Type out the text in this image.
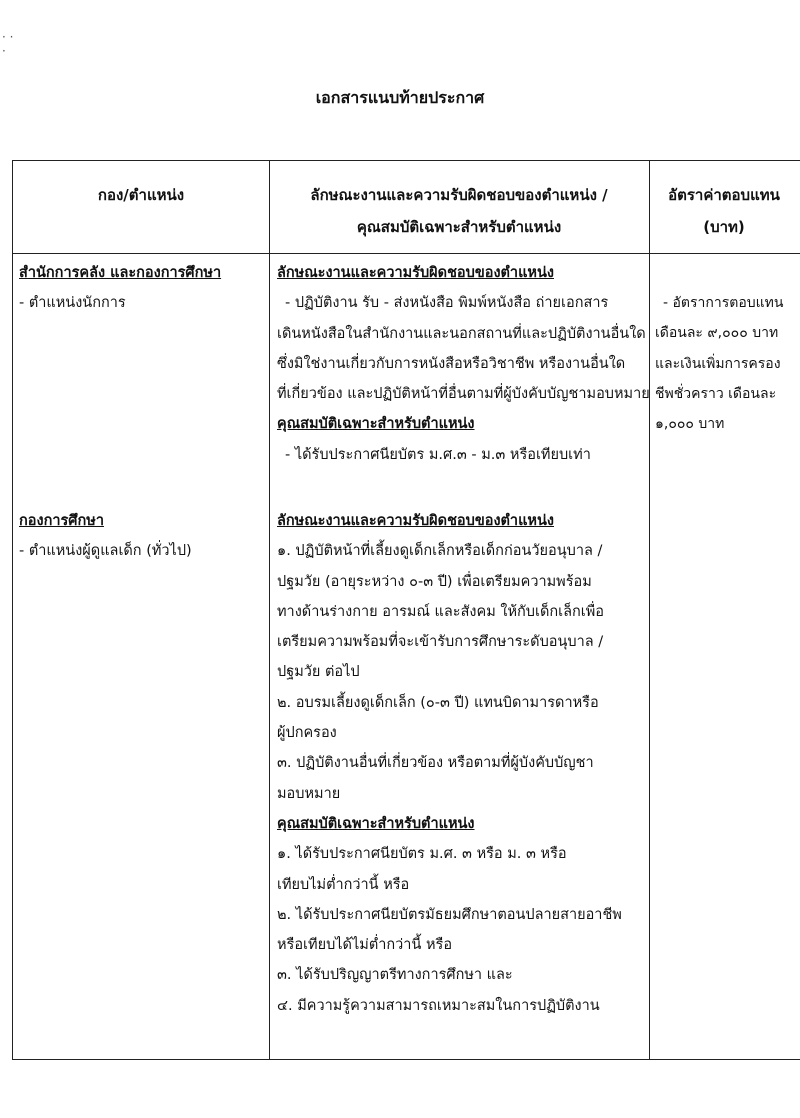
· ·
·
เอกสารแนบท้ายประกาศ
กอง/ตำแหน่ง	ลักษณะงานและความรับผิดชอบของตำแหน่ง /
คุณสมบัติเฉพาะสำหรับตำแหน่ง
อัตราค่าตอบแทน
(บาท)
สำนักการคลัง และกองการศึกษา
- ตำแหน่งนักการ
ลักษณะงานและความรับผิดชอบของตำแหน่ง
- ปฏิบัติงาน รับ - ส่งหนังสือ พิมพ์หนังสือ ถ่ายเอกสาร
เดินหนังสือในสำนักงานและนอกสถานที่และปฏิบัติงานอื่นใด
ซึ่งมิใช่งานเกี่ยวกับการหนังสือหรือวิชาชีพ หรืองานอื่นใด
ที่เกี่ยวข้อง และปฏิบัติหน้าที่อื่นตามที่ผู้บังคับบัญชามอบหมาย
คุณสมบัติเฉพาะสำหรับตำแหน่ง
- ได้รับประกาศนียบัตร ม.ศ.๓ - ม.๓ หรือเทียบเท่า
- อัตราการตอบแทน
เดือนละ ๙,๐๐๐ บาท
และเงินเพิ่มการครอง
ชีพชั่วคราว เดือนละ
๑,๐๐๐ บาท
กองการศึกษา
- ตำแหน่งผู้ดูแลเด็ก (ทั่วไป)
ลักษณะงานและความรับผิดชอบของตำแหน่ง
๑. ปฏิบัติหน้าที่เลี้ยงดูเด็กเล็กหรือเด็กก่อนวัยอนุบาล /
ปฐมวัย (อายุระหว่าง ๐-๓ ปี) เพื่อเตรียมความพร้อม
ทางด้านร่างกาย อารมณ์ และสังคม ให้กับเด็กเล็กเพื่อ
เตรียมความพร้อมที่จะเข้ารับการศึกษาระดับอนุบาล /
ปฐมวัย ต่อไป
๒. อบรมเลี้ยงดูเด็กเล็ก (๐-๓ ปี) แทนบิดามารดาหรือ
ผู้ปกครอง
๓. ปฏิบัติงานอื่นที่เกี่ยวข้อง หรือตามที่ผู้บังคับบัญชา
มอบหมาย
คุณสมบัติเฉพาะสำหรับตำแหน่ง
๑. ได้รับประกาศนียบัตร ม.ศ. ๓ หรือ ม. ๓ หรือ
เทียบไม่ต่ำกว่านี้ หรือ
๒. ได้รับประกาศนียบัตรมัธยมศึกษาตอนปลายสายอาชีพ
หรือเทียบได้ไม่ต่ำกว่านี้ หรือ
๓. ได้รับปริญญาตรีทางการศึกษา และ
๔. มีความรู้ความสามารถเหมาะสมในการปฏิบัติงาน
